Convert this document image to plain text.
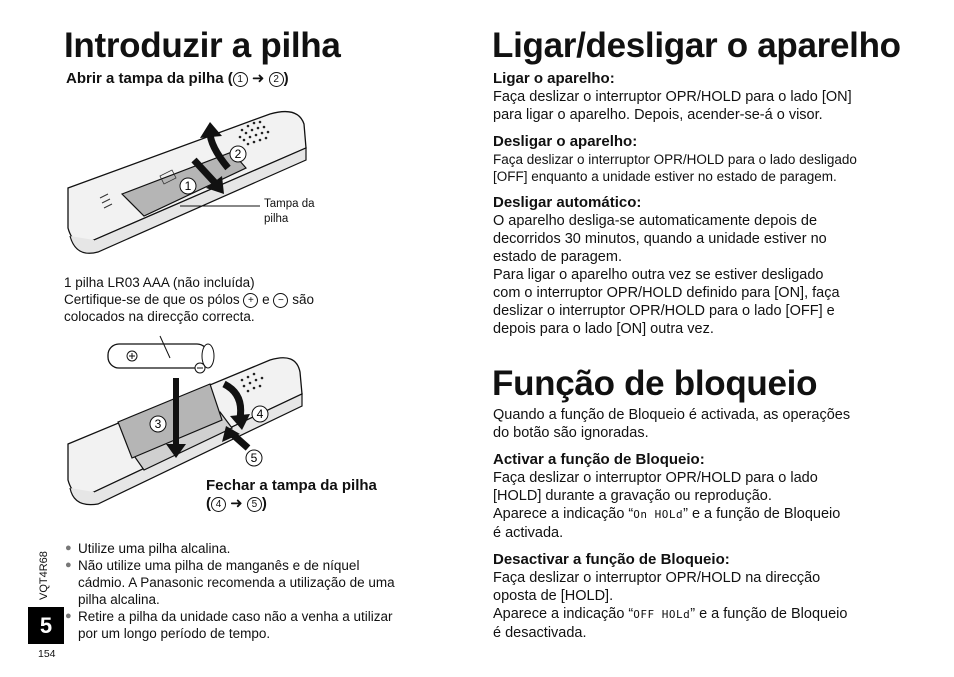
Introduzir a pilha
Abrir a tampa da pilha ( 1 ➜ 2 )
2
1
Tampa da pilha
1 pilha LR03 AAA (não incluída)
Certifique-se de que os pólos + e − são
colocados na direcção correcta.
3
4
5
Fechar a tampa da pilha
( 4 ➜ 5 )
● Utilize uma pilha alcalina.
● Não utilize uma pilha de manganês e de níquel
cádmio. A Panasonic recomenda a utilização de uma
pilha alcalina.
● Retire a pilha da unidade caso não a venha a utilizar
por um longo período de tempo.
VQT4R68
5
154
Ligar/desligar o aparelho
Ligar o aparelho:
Faça deslizar o interruptor OPR/HOLD para o lado [ON]
para ligar o aparelho. Depois, acender-se-á o visor.
Desligar o aparelho:
Faça deslizar o interruptor OPR/HOLD para o lado desligado
[OFF] enquanto a unidade estiver no estado de paragem.
Desligar automático:
O aparelho desliga-se automaticamente depois de
decorridos 30 minutos, quando a unidade estiver no
estado de paragem.
Para ligar o aparelho outra vez se estiver desligado
com o interruptor OPR/HOLD definido para [ON], faça
deslizar o interruptor OPR/HOLD para o lado [OFF] e
depois para o lado [ON] outra vez.
Função de bloqueio
Quando a função de Bloqueio é activada, as operações
do botão são ignoradas.
Activar a função de Bloqueio:
Faça deslizar o interruptor OPR/HOLD para o lado
[HOLD] durante a gravação ou reprodução.
Aparece a indicação “On HOLd” e a função de Bloqueio
é activada.
Desactivar a função de Bloqueio:
Faça deslizar o interruptor OPR/HOLD na direcção
oposta de [HOLD].
Aparece a indicação “OFF HOLd” e a função de Bloqueio
é desactivada.
